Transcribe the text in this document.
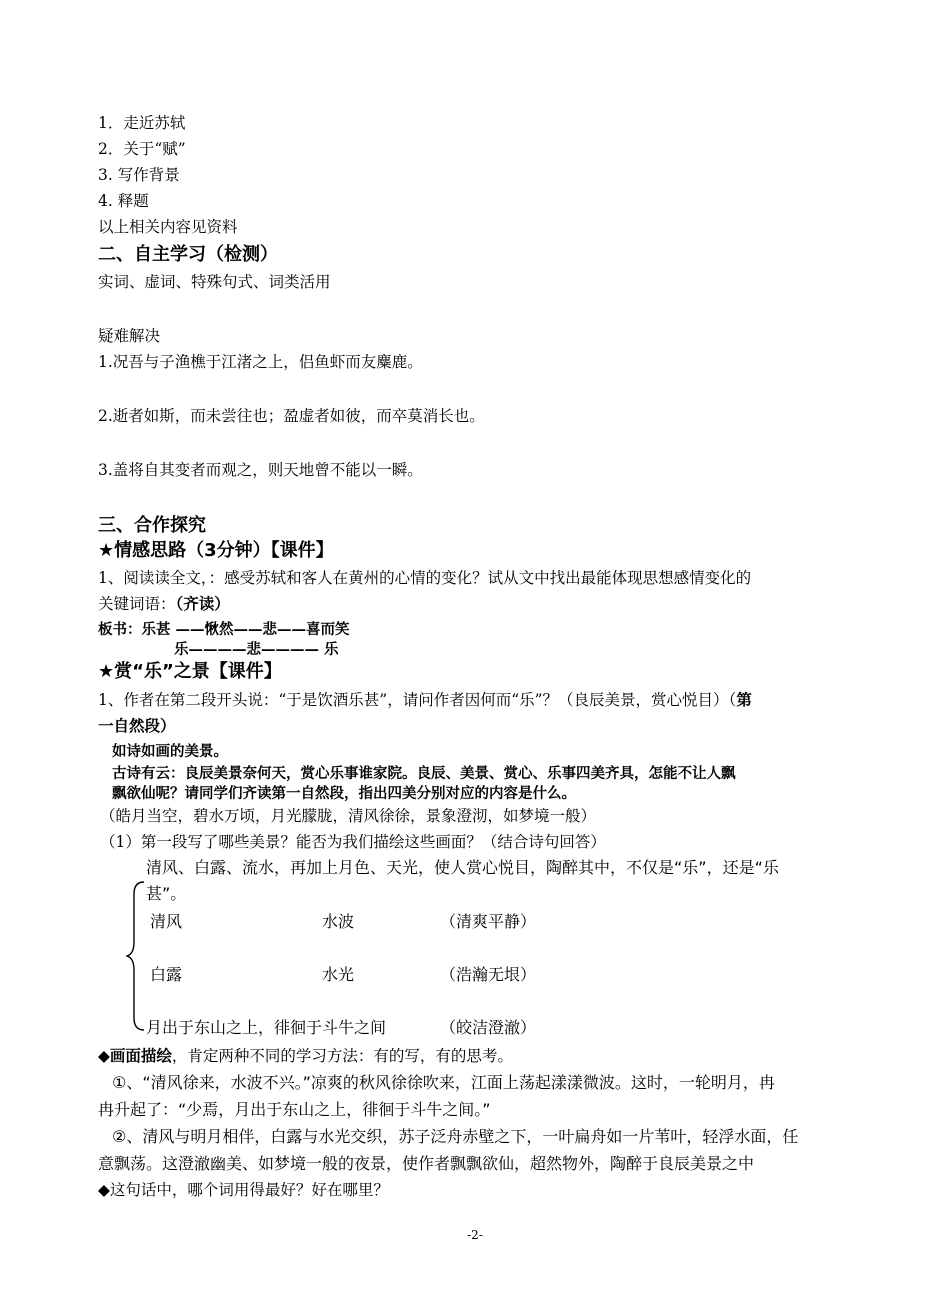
1．走近苏轼
2．关于“赋”
3. 写作背景
4. 释题
以上相关内容见资料
二、自主学习（检测）
实词、虚词、特殊句式、词类活用
疑难解决
1.况吾与子渔樵于江渚之上，侣鱼虾而友麋鹿。
2.逝者如斯，而未尝往也；盈虚者如彼，而卒莫消长也。
3.盖将自其变者而观之，则天地曾不能以一瞬。
三、合作探究
★情感思路（3分钟）【课件】
1、阅读读全文，：感受苏轼和客人在黄州的心情的变化？试从文中找出最能体现思想感情变化的
关键词语：（齐读）
板书：乐甚 ——愀然——悲——喜而笑
乐————悲———— 乐
★赏“乐”之景【课件】
1、作者在第二段开头说：“于是饮酒乐甚”，请问作者因何而“乐”？（良辰美景，赏心悦目）（第
一自然段）
如诗如画的美景。
古诗有云：良辰美景奈何天，赏心乐事谁家院。良辰、美景、赏心、乐事四美齐具，怎能不让人飘
飘欲仙呢？请同学们齐读第一自然段，指出四美分别对应的内容是什么。
（皓月当空，碧水万顷，月光朦胧，清风徐徐，景象澄沏，如梦境一般）
（1）第一段写了哪些美景？能否为我们描绘这些画面？（结合诗句回答）
清风、白露、流水，再加上月色、天光，使人赏心悦目，陶醉其中，不仅是“乐”，还是“乐
甚”。
清风	水波	（清爽平静）
白露	水光	（浩瀚无垠）
月出于东山之上，徘徊于斗牛之间	（皎洁澄澈）
◆画面描绘，肯定两种不同的学习方法：有的写，有的思考。
①、“清风徐来，水波不兴。”凉爽的秋风徐徐吹来，江面上荡起漾漾微波。这时，一轮明月，冉
冉升起了：“少焉，月出于东山之上，徘徊于斗牛之间。”
②、清风与明月相伴，白露与水光交织，苏子泛舟赤壁之下，一叶扁舟如一片苇叶，轻浮水面，任
意飘荡。这澄澈幽美、如梦境一般的夜景，使作者飘飘欲仙，超然物外，陶醉于良辰美景之中
◆这句话中，哪个词用得最好？好在哪里？
-2-
